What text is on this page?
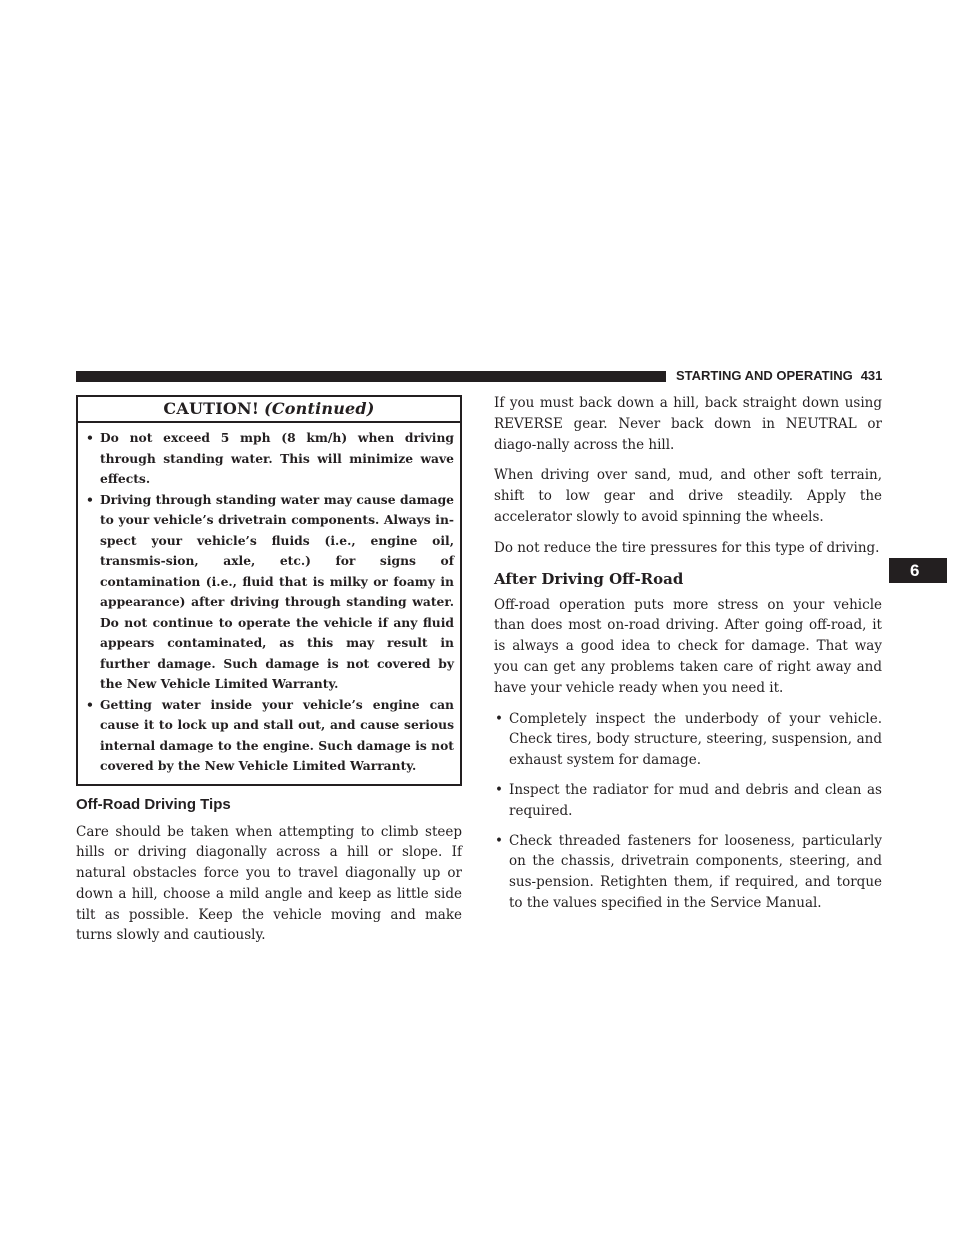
STARTING AND OPERATING 431
6
CAUTION! (Continued)
• Do not exceed 5 mph (8 km/h) when driving through standing water. This will minimize wave effects.
• Driving through standing water may cause damage to your vehicle’s drivetrain components. Always in-spect your vehicle’s fluids (i.e., engine oil, transmis-sion, axle, etc.) for signs of contamination (i.e., fluid that is milky or foamy in appearance) after driving through standing water. Do not continue to operate the vehicle if any fluid appears contaminated, as this may result in further damage. Such damage is not covered by the New Vehicle Limited Warranty.
• Getting water inside your vehicle’s engine can cause it to lock up and stall out, and cause serious internal damage to the engine. Such damage is not covered by the New Vehicle Limited Warranty.
Off-Road Driving Tips

Care should be taken when attempting to climb steep hills or driving diagonally across a hill or slope. If natural obstacles force you to travel diagonally up or down a hill, choose a mild angle and keep as little side tilt as possible. Keep the vehicle moving and make turns slowly and cautiously.

If you must back down a hill, back straight down using REVERSE gear. Never back down in NEUTRAL or diago-nally across the hill.

When driving over sand, mud, and other soft terrain, shift to low gear and drive steadily. Apply the accelerator slowly to avoid spinning the wheels.

Do not reduce the tire pressures for this type of driving.

After Driving Off-Road

Off-road operation puts more stress on your vehicle than does most on-road driving. After going off-road, it is always a good idea to check for damage. That way you can get any problems taken care of right away and have your vehicle ready when you need it.

• Completely inspect the underbody of your vehicle. Check tires, body structure, steering, suspension, and exhaust system for damage.
• Inspect the radiator for mud and debris and clean as required.
• Check threaded fasteners for looseness, particularly on the chassis, drivetrain components, steering, and sus-pension. Retighten them, if required, and torque to the values specified in the Service Manual.
